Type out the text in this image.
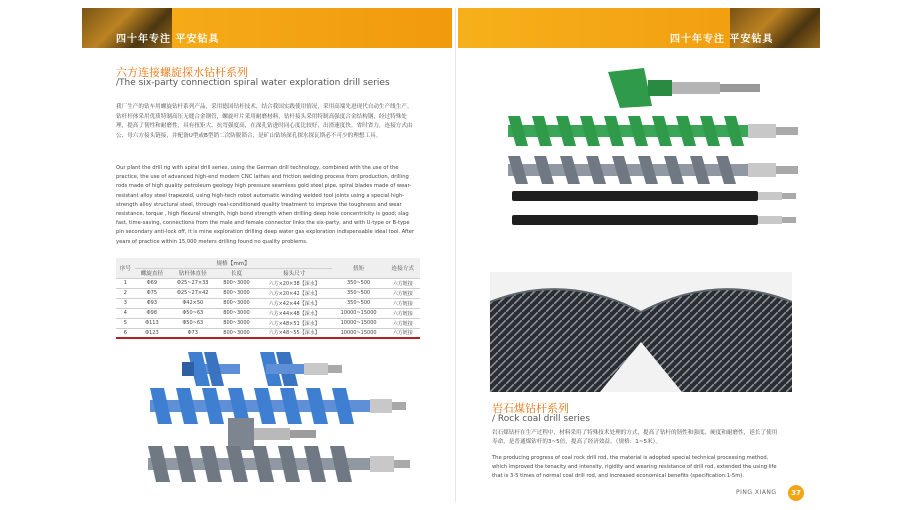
四十年专注 平安钻具
六方连接螺旋探水钻杆系列
/The six-party connection spiral water exploration drill series
我厂生产的钻车用螺旋钻杆系列产品，采用德国钻杆技术，结合我国实践使用情况，采用高端先进现代自动生产线生产。 钻杆杆体采用优质特制高压无缝合金钢管，螺旋叶片采用耐磨材料，钻杆接头采用特制高强度合金结构钢，经过特殊处理，提高了韧性和耐磨性，具有扭矩大、抗弯强度高，在深孔钻进时同心度比较好，出渣速度快，省时省力，连接方式由公、母六方接头链接，并配备U型或B型销二次防脱锁合，是矿山钻场深孔探水探瓦斯必不可少的理想工具。
Our plant the drill rig with spiral drill series, using the German drill technology, combined with the use of the practice, the use of advanced high-end modern CNC lathes and friction welding process from production, drilling rods made of high quality petroleum geology high pressure seamless gold steel pipe, spiral blades made of wear-resistant alloy steel trapezoid, using high-tech robot automatic winding welded tool joints using a special high-strength alloy structural steel, through real-conditioned quality treatment to improve the toughness and wear resistance, torque , high flexural strength, high bond strength when drilling deep hole concentricity is good; slag fast, time-saving, connections from the male and female connector links the six-party, and with U-type or B-type pin secondary anti-lock off, it is mine exploration drilling deep water gas exploration indispensable ideal tool. After years of practice within 15,000 meters drilling found no quality problems.
序号	规格【mm】				扭矩	连接方式
	螺旋直径	钻杆体直径	长度	接头尺寸		
1	Φ69	Φ25~27×33	800~3000	六方×20×38【深水】	350~500	六方链接
2	Φ75	Φ25~27×42	800~3000	六方×20×42【深水】	350~500	六方链接
3	Φ93	Φ42×50	800~3000	六方×42×44【深水】	350~500	六方链接
4	Φ98	Φ50~63	800~3000	六方×44×48【深水】	10000~15000	六方链接
5	Φ113	Φ50~63	800~3000	六方×48×51【深水】	10000~15000	六方链接
6	Φ123	Φ73	800~3000	六方×48~55【深水】	10000~15000	六方链接
四十年专注 平安钻具
岩石煤钻杆系列
/ Rock coal drill series
岩石煤钻杆在生产过程中，材料采用了特殊技术处理的方式，提高了钻杆的韧性和强度、硬度和耐磨性，延长了使用寿命，是普通煤钻杆的3~5倍，提高了经济效益。（规格：1~5米）。
The producing progress of coal rock drill rod, the material is adopted special technical processing method, which improved the tenacity and intensity, rigidity and wearing resistance of drill rod, extended the using life that is 3-5 times of normal coal drill rod, and increased economical benefits (specification:1-5m).
PING XIANG	37
